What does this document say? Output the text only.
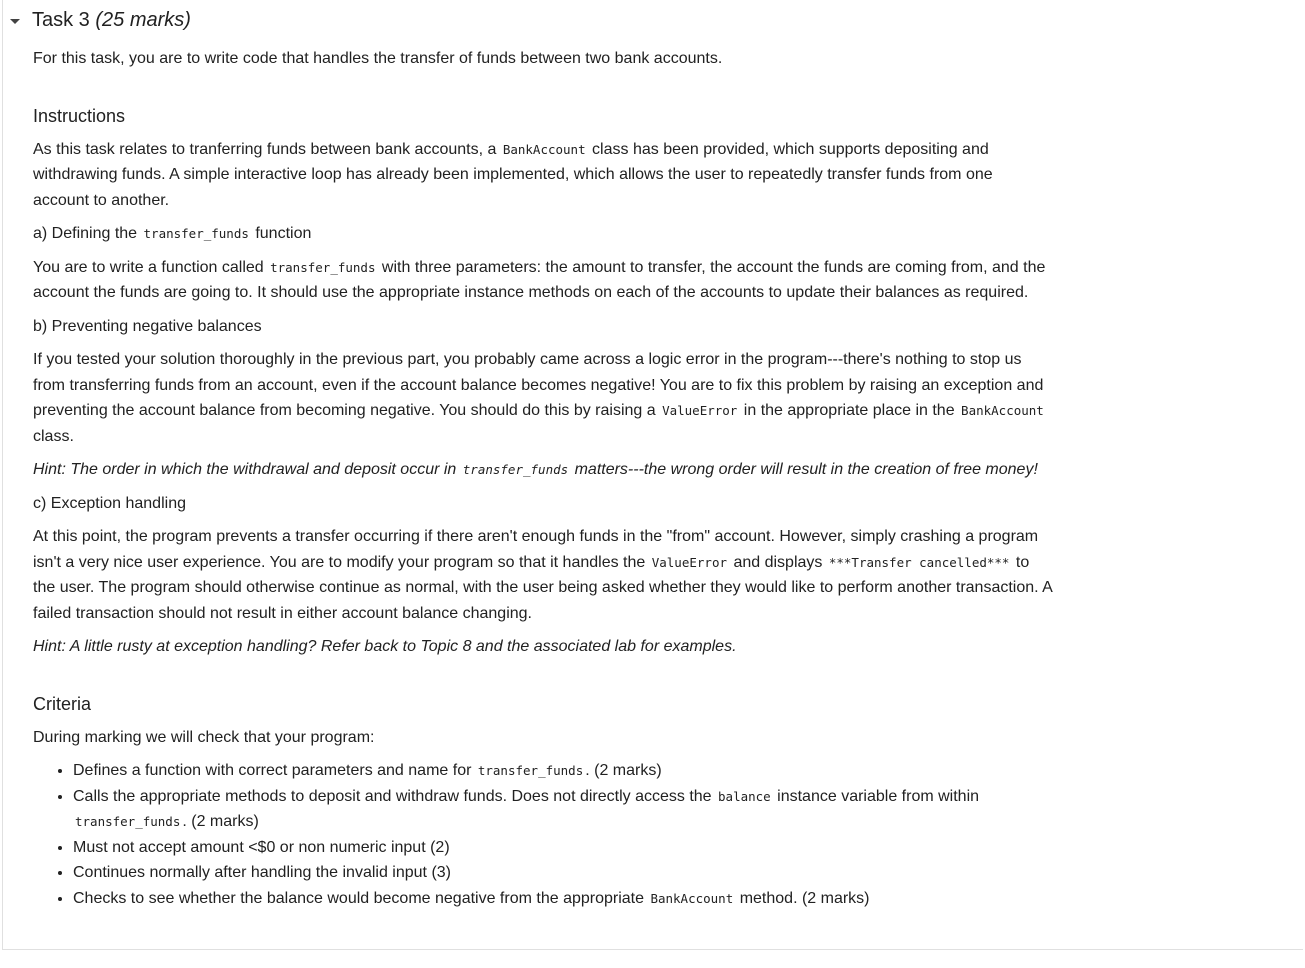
Task 3 (25 marks)

For this task, you are to write code that handles the transfer of funds between two bank accounts.

Instructions

As this task relates to tranferring funds between bank accounts, a BankAccount class has been provided, which supports depositing and withdrawing funds. A simple interactive loop has already been implemented, which allows the user to repeatedly transfer funds from one account to another.

a) Defining the transfer_funds function

You are to write a function called transfer_funds with three parameters: the amount to transfer, the account the funds are coming from, and the account the funds are going to. It should use the appropriate instance methods on each of the accounts to update their balances as required.

b) Preventing negative balances

If you tested your solution thoroughly in the previous part, you probably came across a logic error in the program---there's nothing to stop us from transferring funds from an account, even if the account balance becomes negative! You are to fix this problem by raising an exception and preventing the account balance from becoming negative. You should do this by raising a ValueError in the appropriate place in the BankAccount class.

Hint: The order in which the withdrawal and deposit occur in transfer_funds matters---the wrong order will result in the creation of free money!

c) Exception handling

At this point, the program prevents a transfer occurring if there aren't enough funds in the "from" account. However, simply crashing a program isn't a very nice user experience. You are to modify your program so that it handles the ValueError and displays ***Transfer cancelled*** to the user. The program should otherwise continue as normal, with the user being asked whether they would like to perform another transaction. A failed transaction should not result in either account balance changing.

Hint: A little rusty at exception handling? Refer back to Topic 8 and the associated lab for examples.

Criteria

During marking we will check that your program:

• Defines a function with correct parameters and name for transfer_funds . (2 marks)
• Calls the appropriate methods to deposit and withdraw funds. Does not directly access the balance instance variable from within transfer_funds . (2 marks)
• Must not accept amount <$0 or non numeric input (2)
• Continues normally after handling the invalid input (3)
• Checks to see whether the balance would become negative from the appropriate BankAccount method. (2 marks)
